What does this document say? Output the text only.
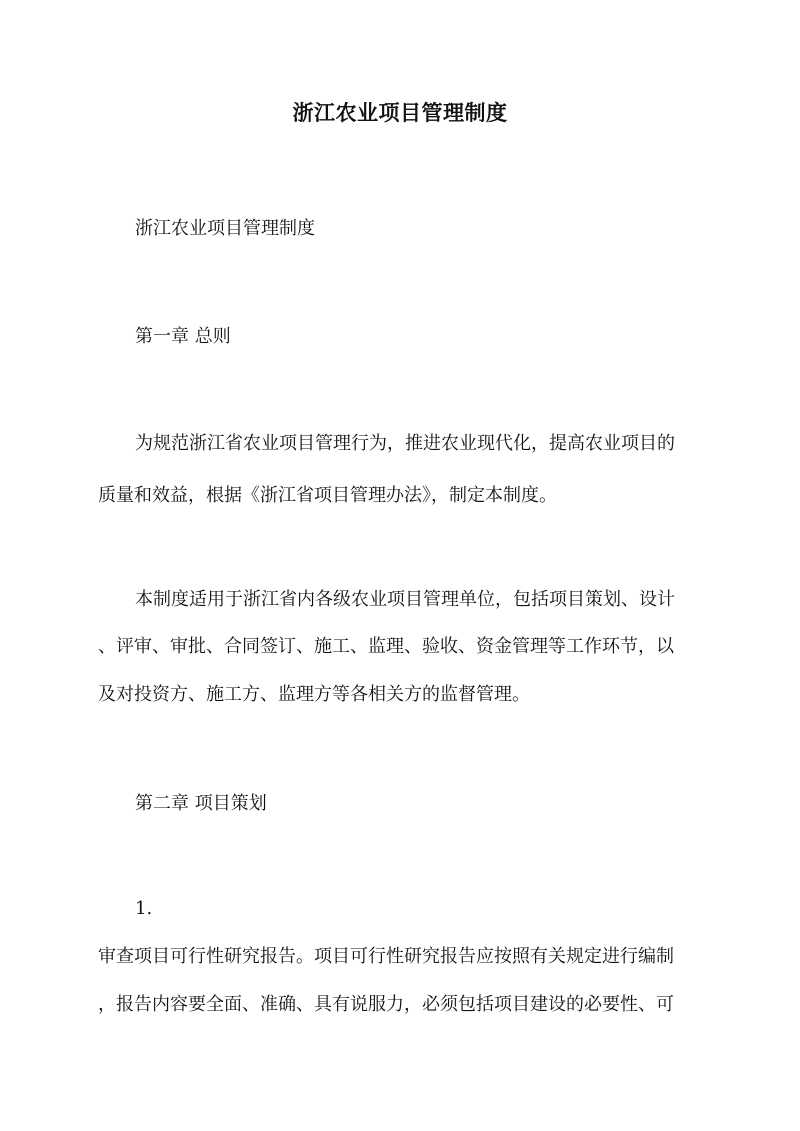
浙江农业项目管理制度

浙江农业项目管理制度

第一章 总则

为规范浙江省农业项目管理行为，推进农业现代化，提高农业项目的

质量和效益，根据《浙江省项目管理办法》，制定本制度。

本制度适用于浙江省内各级农业项目管理单位，包括项目策划、设计

、评审、审批、合同签订、施工、监理、验收、资金管理等工作环节，以

及对投资方、施工方、监理方等各相关方的监督管理。

第二章 项目策划

1.

审查项目可行性研究报告。项目可行性研究报告应按照有关规定进行编制

，报告内容要全面、准确、具有说服力，必须包括项目建设的必要性、可
